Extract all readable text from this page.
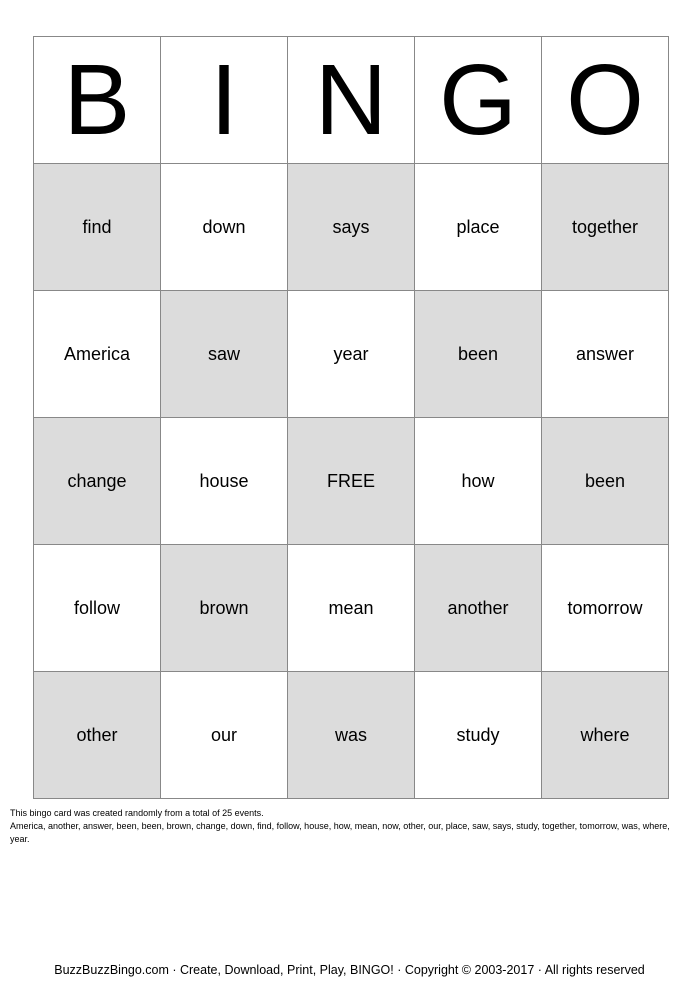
B	I	N	G	O
find	down	says	place	together
America	saw	year	been	answer
change	house	FREE	how	been
follow	brown	mean	another	tomorrow
other	our	was	study	where

This bingo card was created randomly from a total of 25 events.

America, another, answer, been, been, brown, change, down, find, follow, house, how, mean, now, other, our, place, saw, says, study, together, tomorrow, was, where, year.

BuzzBuzzBingo.com · Create, Download, Print, Play, BINGO! · Copyright © 2003-2017 · All rights reserved
